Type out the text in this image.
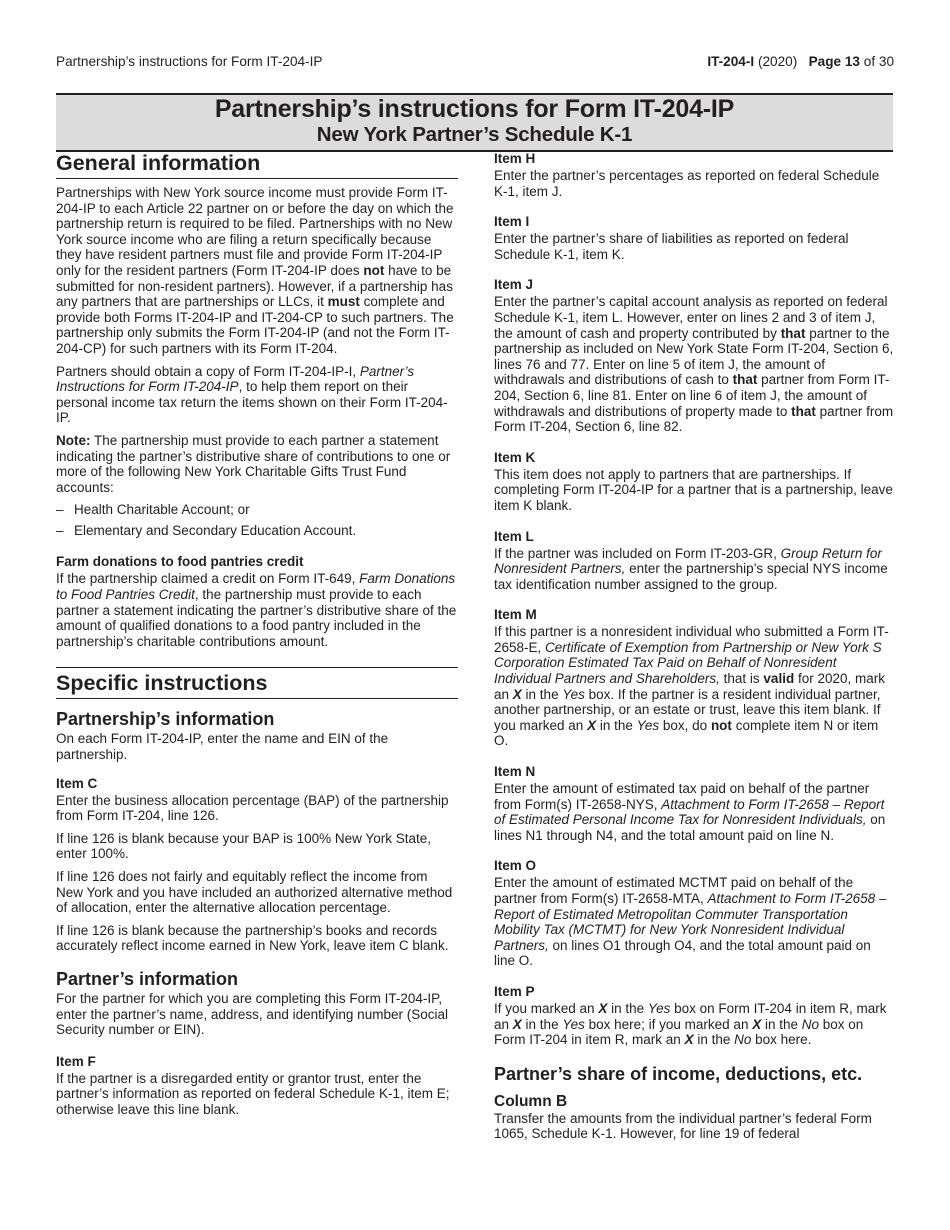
Partnership’s instructions for Form IT-204-IP	IT-204-I (2020) Page 13 of 30
Partnership’s instructions for Form IT-204-IP
New York Partner’s Schedule K-1
General information

Partnerships with New York source income must provide Form IT-204-IP to each Article 22 partner on or before the day on which the partnership return is required to be filed. Partnerships with no New York source income who are filing a return specifically because they have resident partners must file and provide Form IT-204-IP only for the resident partners (Form IT-204-IP does not have to be submitted for non-resident partners). However, if a partnership has any partners that are partnerships or LLCs, it must complete and provide both Forms IT-204-IP and IT-204-CP to such partners. The partnership only submits the Form IT-204-IP (and not the Form IT-204-CP) for such partners with its Form IT-204.

Partners should obtain a copy of Form IT-204-IP-I, Partner’s Instructions for Form IT-204-IP, to help them report on their personal income tax return the items shown on their Form IT-204-IP.

Note: The partnership must provide to each partner a statement indicating the partner’s distributive share of contributions to one or more of the following New York Charitable Gifts Trust Fund accounts:

– Health Charitable Account; or
– Elementary and Secondary Education Account.
Farm donations to food pantries credit

If the partnership claimed a credit on Form IT-649, Farm Donations to Food Pantries Credit, the partnership must provide to each partner a statement indicating the partner’s distributive share of the amount of qualified donations to a food pantry included in the partnership’s charitable contributions amount.

Specific instructions
Partnership’s information

On each Form IT-204-IP, enter the name and EIN of the partnership.

Item C

Enter the business allocation percentage (BAP) of the partnership from Form IT-204, line 126.

If line 126 is blank because your BAP is 100% New York State, enter 100%.

If line 126 does not fairly and equitably reflect the income from New York and you have included an authorized alternative method of allocation, enter the alternative allocation percentage.

If line 126 is blank because the partnership’s books and records accurately reflect income earned in New York, leave item C blank.

Partner’s information

For the partner for which you are completing this Form IT-204-IP, enter the partner’s name, address, and identifying number (Social Security number or EIN).

Item F

If the partner is a disregarded entity or grantor trust, enter the partner’s information as reported on federal Schedule K-1, item E; otherwise leave this line blank.

Item H

Enter the partner’s percentages as reported on federal Schedule K-1, item J.

Item I

Enter the partner’s share of liabilities as reported on federal Schedule K-1, item K.

Item J

Enter the partner’s capital account analysis as reported on federal Schedule K-1, item L. However, enter on lines 2 and 3 of item J, the amount of cash and property contributed by that partner to the partnership as included on New York State Form IT-204, Section 6, lines 76 and 77. Enter on line 5 of item J, the amount of withdrawals and distributions of cash to that partner from Form IT-204, Section 6, line 81. Enter on line 6 of item J, the amount of withdrawals and distributions of property made to that partner from Form IT-204, Section 6, line 82.

Item K

This item does not apply to partners that are partnerships. If completing Form IT-204-IP for a partner that is a partnership, leave item K blank.

Item L

If the partner was included on Form IT-203-GR, Group Return for Nonresident Partners, enter the partnership’s special NYS income tax identification number assigned to the group.

Item M

If this partner is a nonresident individual who submitted a Form IT-2658-E, Certificate of Exemption from Partnership or New York S Corporation Estimated Tax Paid on Behalf of Nonresident Individual Partners and Shareholders, that is valid for 2020, mark an X in the Yes box. If the partner is a resident individual partner, another partnership, or an estate or trust, leave this item blank. If you marked an X in the Yes box, do not complete item N or item O.

Item N

Enter the amount of estimated tax paid on behalf of the partner from Form(s) IT-2658-NYS, Attachment to Form IT-2658 – Report of Estimated Personal Income Tax for Nonresident Individuals, on lines N1 through N4, and the total amount paid on line N.

Item O

Enter the amount of estimated MCTMT paid on behalf of the partner from Form(s) IT-2658-MTA, Attachment to Form IT-2658 – Report of Estimated Metropolitan Commuter Transportation Mobility Tax (MCTMT) for New York Nonresident Individual Partners, on lines O1 through O4, and the total amount paid on line O.

Item P

If you marked an X in the Yes box on Form IT-204 in item R, mark an X in the Yes box here; if you marked an X in the No box on Form IT-204 in item R, mark an X in the No box here.

Partner’s share of income, deductions, etc.
Column B

Transfer the amounts from the individual partner’s federal Form 1065, Schedule K-1. However, for line 19 of federal
